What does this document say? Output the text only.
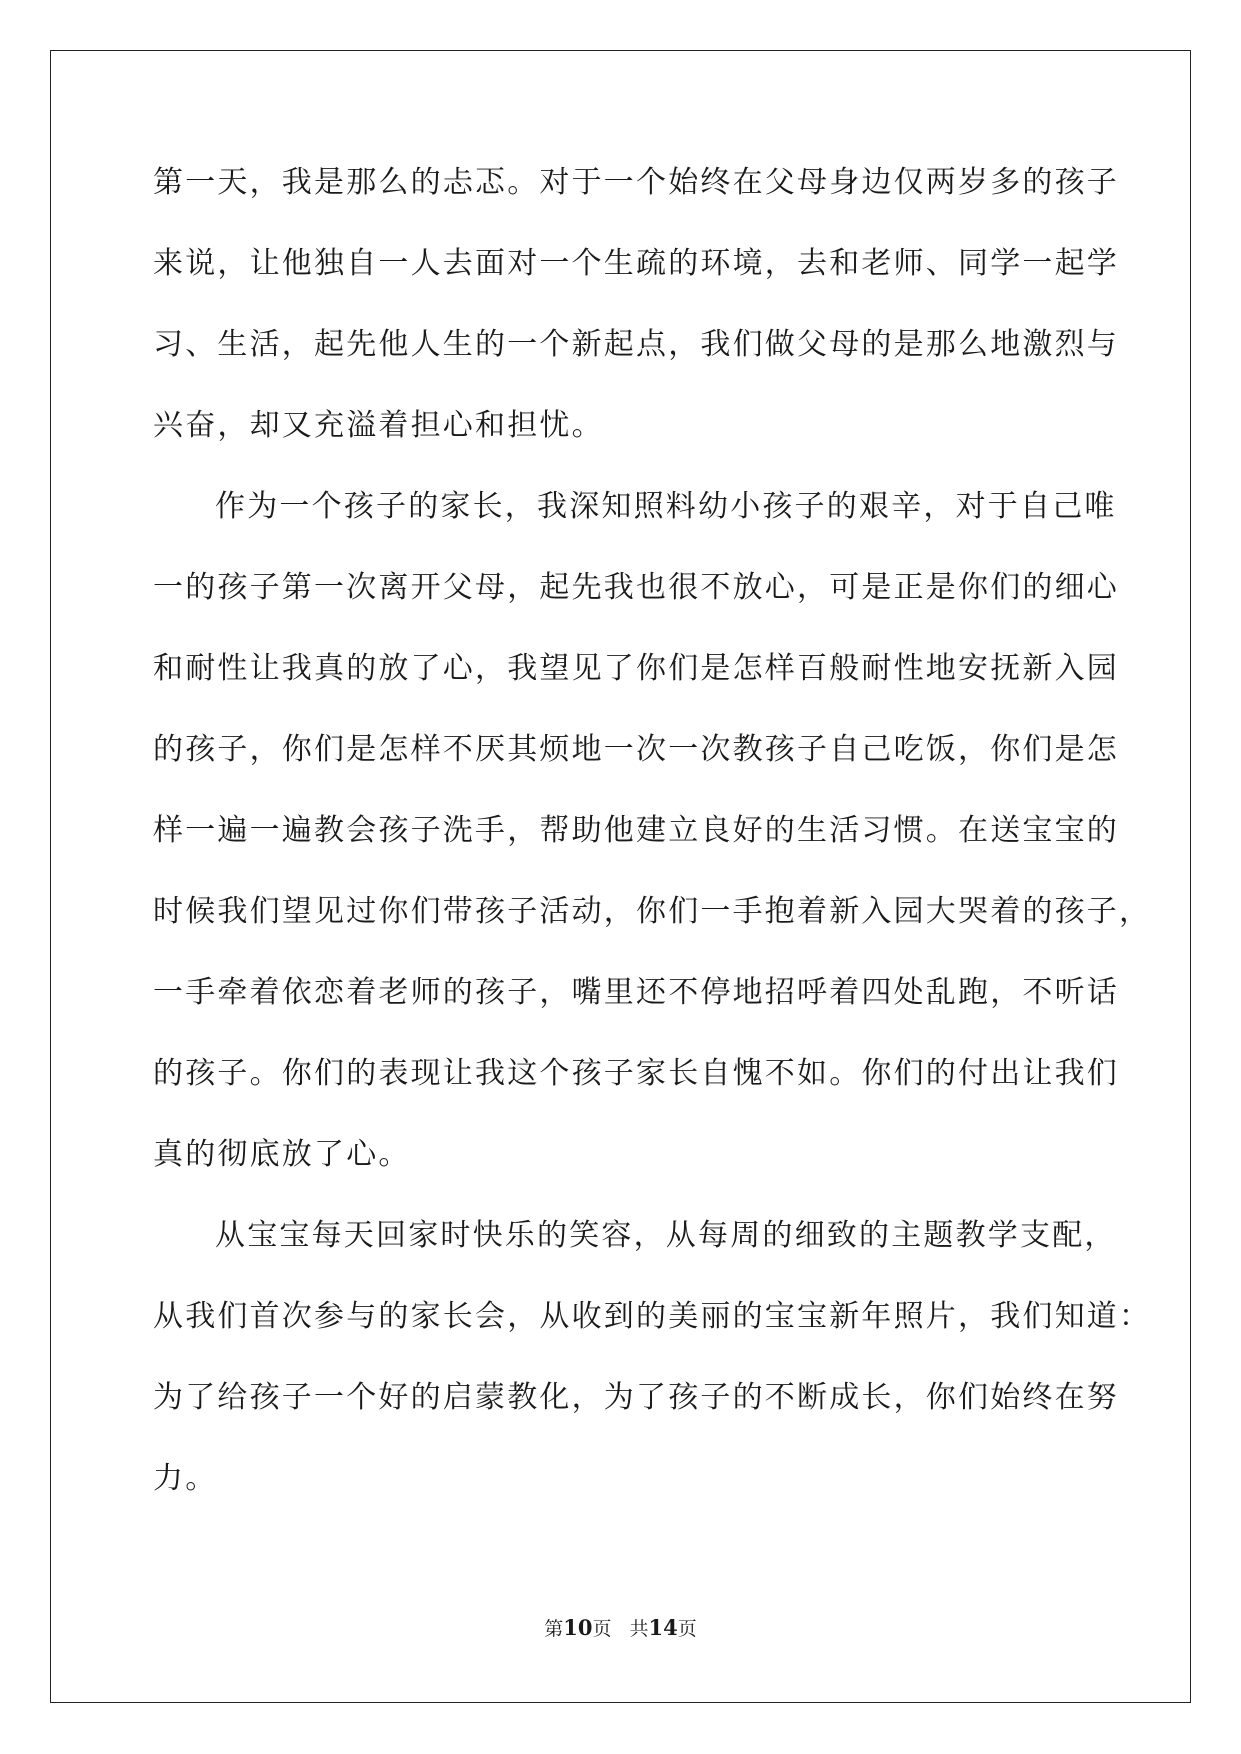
第一天，我是那么的忐忑。对于一个始终在父母身边仅两岁多的孩子
来说，让他独自一人去面对一个生疏的环境，去和老师、同学一起学
习、生活，起先他人生的一个新起点，我们做父母的是那么地激烈与
兴奋，却又充溢着担心和担忧。
作为一个孩子的家长，我深知照料幼小孩子的艰辛，对于自己唯
一的孩子第一次离开父母，起先我也很不放心，可是正是你们的细心
和耐性让我真的放了心，我望见了你们是怎样百般耐性地安抚新入园
的孩子，你们是怎样不厌其烦地一次一次教孩子自己吃饭，你们是怎
样一遍一遍教会孩子洗手，帮助他建立良好的生活习惯。在送宝宝的
时候我们望见过你们带孩子活动，你们一手抱着新入园大哭着的孩子，
一手牵着依恋着老师的孩子，嘴里还不停地招呼着四处乱跑，不听话
的孩子。你们的表现让我这个孩子家长自愧不如。你们的付出让我们
真的彻底放了心。
从宝宝每天回家时快乐的笑容，从每周的细致的主题教学支配，
从我们首次参与的家长会，从收到的美丽的宝宝新年照片，我们知道：
为了给孩子一个好的启蒙教化，为了孩子的不断成长，你们始终在努
力。
第10页 共14页
